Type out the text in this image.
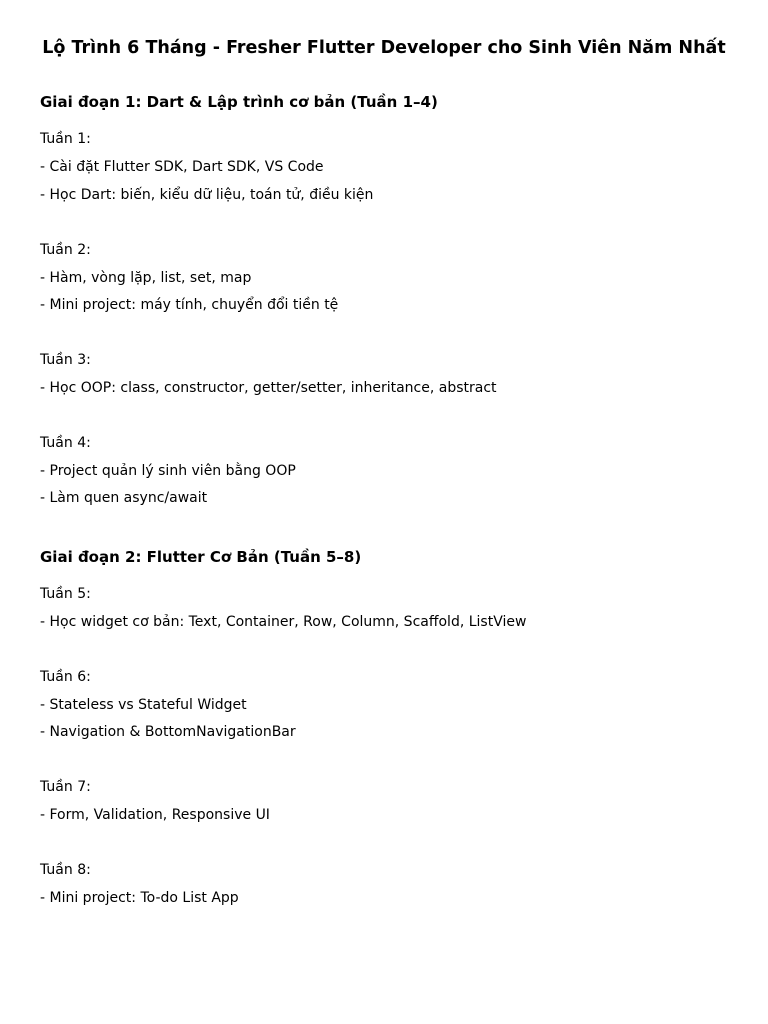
Lộ Trình 6 Tháng - Fresher Flutter Developer cho Sinh Viên Năm Nhất
Giai đoạn 1: Dart & Lập trình cơ bản (Tuần 1–4)

Tuần 1:

- Cài đặt Flutter SDK, Dart SDK, VS Code

- Học Dart: biến, kiểu dữ liệu, toán tử, điều kiện

Tuần 2:

- Hàm, vòng lặp, list, set, map

- Mini project: máy tính, chuyển đổi tiền tệ

Tuần 3:

- Học OOP: class, constructor, getter/setter, inheritance, abstract

Tuần 4:

- Project quản lý sinh viên bằng OOP

- Làm quen async/await

Giai đoạn 2: Flutter Cơ Bản (Tuần 5–8)

Tuần 5:

- Học widget cơ bản: Text, Container, Row, Column, Scaffold, ListView

Tuần 6:

- Stateless vs Stateful Widget

- Navigation & BottomNavigationBar

Tuần 7:

- Form, Validation, Responsive UI

Tuần 8:

- Mini project: To-do List App
